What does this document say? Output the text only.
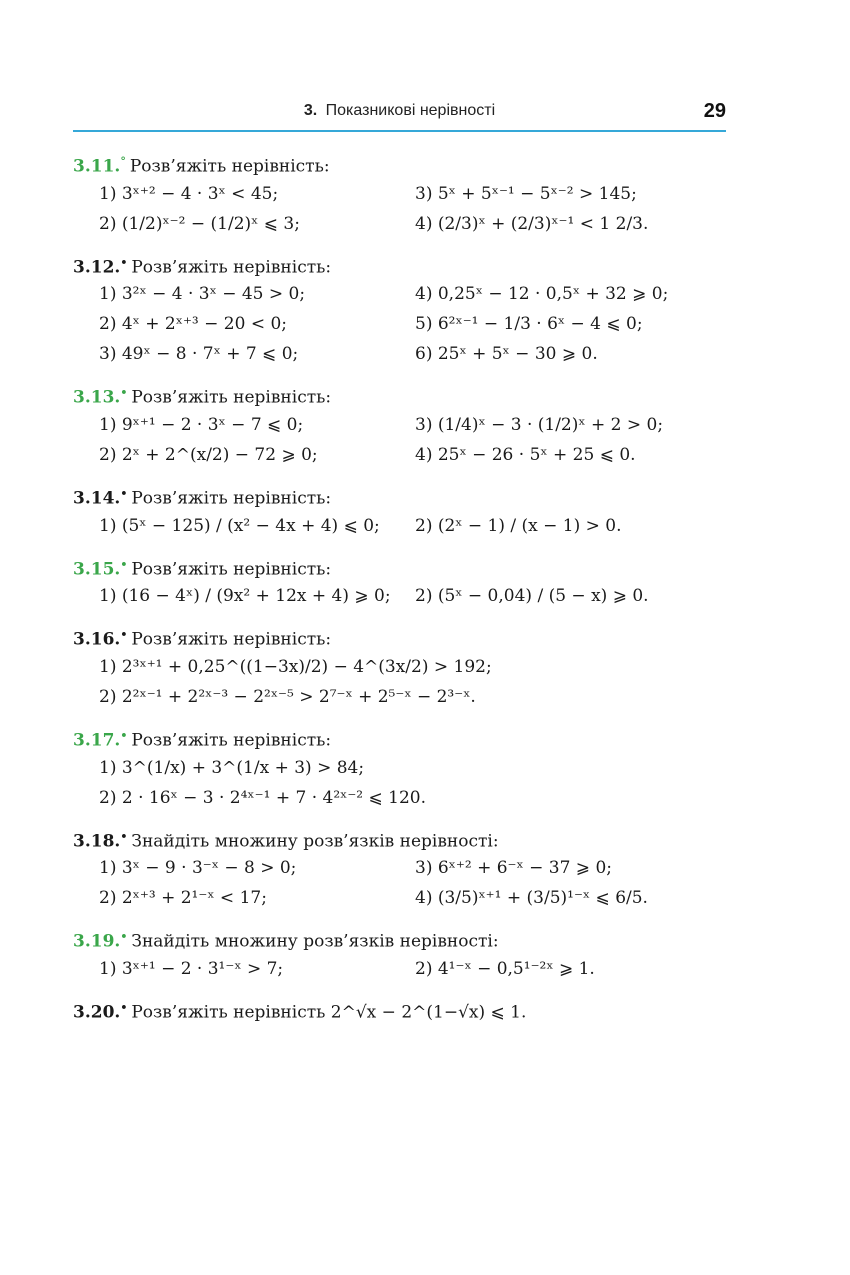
3. Показникові нерівності	29
3.11.° Розв’яжіть нерівність:
1) 3ˣ⁺² − 4 · 3ˣ < 45;	3) 5ˣ + 5ˣ⁻¹ − 5ˣ⁻² > 145;
2) (1/2)ˣ⁻² − (1/2)ˣ ⩽ 3;	4) (2/3)ˣ + (2/3)ˣ⁻¹ < 1 2/3.
3.12.• Розв’яжіть нерівність:
1) 3²ˣ − 4 · 3ˣ − 45 > 0;	4) 0,25ˣ − 12 · 0,5ˣ + 32 ⩾ 0;
2) 4ˣ + 2ˣ⁺³ − 20 < 0;	5) 6²ˣ⁻¹ − 1/3 · 6ˣ − 4 ⩽ 0;
3) 49ˣ − 8 · 7ˣ + 7 ⩽ 0;	6) 25ˣ + 5ˣ − 30 ⩾ 0.
3.13.• Розв’яжіть нерівність:
1) 9ˣ⁺¹ − 2 · 3ˣ − 7 ⩽ 0;	3) (1/4)ˣ − 3 · (1/2)ˣ + 2 > 0;
2) 2ˣ + 2^(x/2) − 72 ⩾ 0;	4) 25ˣ − 26 · 5ˣ + 25 ⩽ 0.
3.14.• Розв’яжіть нерівність:
1) (5ˣ − 125) / (x² − 4x + 4) ⩽ 0;	2) (2ˣ − 1) / (x − 1) > 0.
3.15.• Розв’яжіть нерівність:
1) (16 − 4ˣ) / (9x² + 12x + 4) ⩾ 0;	2) (5ˣ − 0,04) / (5 − x) ⩾ 0.
3.16.• Розв’яжіть нерівність:
1) 2³ˣ⁺¹ + 0,25^((1−3x)/2) − 4^(3x/2) > 192;
2) 2²ˣ⁻¹ + 2²ˣ⁻³ − 2²ˣ⁻⁵ > 2⁷⁻ˣ + 2⁵⁻ˣ − 2³⁻ˣ.
3.17.• Розв’яжіть нерівність:
1) 3^(1/x) + 3^(1/x + 3) > 84;
2) 2 · 16ˣ − 3 · 2⁴ˣ⁻¹ + 7 · 4²ˣ⁻² ⩽ 120.
3.18.• Знайдіть множину розв’язків нерівності:
1) 3ˣ − 9 · 3⁻ˣ − 8 > 0;	3) 6ˣ⁺² + 6⁻ˣ − 37 ⩾ 0;
2) 2ˣ⁺³ + 2¹⁻ˣ < 17;	4) (3/5)ˣ⁺¹ + (3/5)¹⁻ˣ ⩽ 6/5.
3.19.• Знайдіть множину розв’язків нерівності:
1) 3ˣ⁺¹ − 2 · 3¹⁻ˣ > 7;	2) 4¹⁻ˣ − 0,5¹⁻²ˣ ⩾ 1.
3.20.• Розв’яжіть нерівність 2^√x − 2^(1−√x) ⩽ 1.
